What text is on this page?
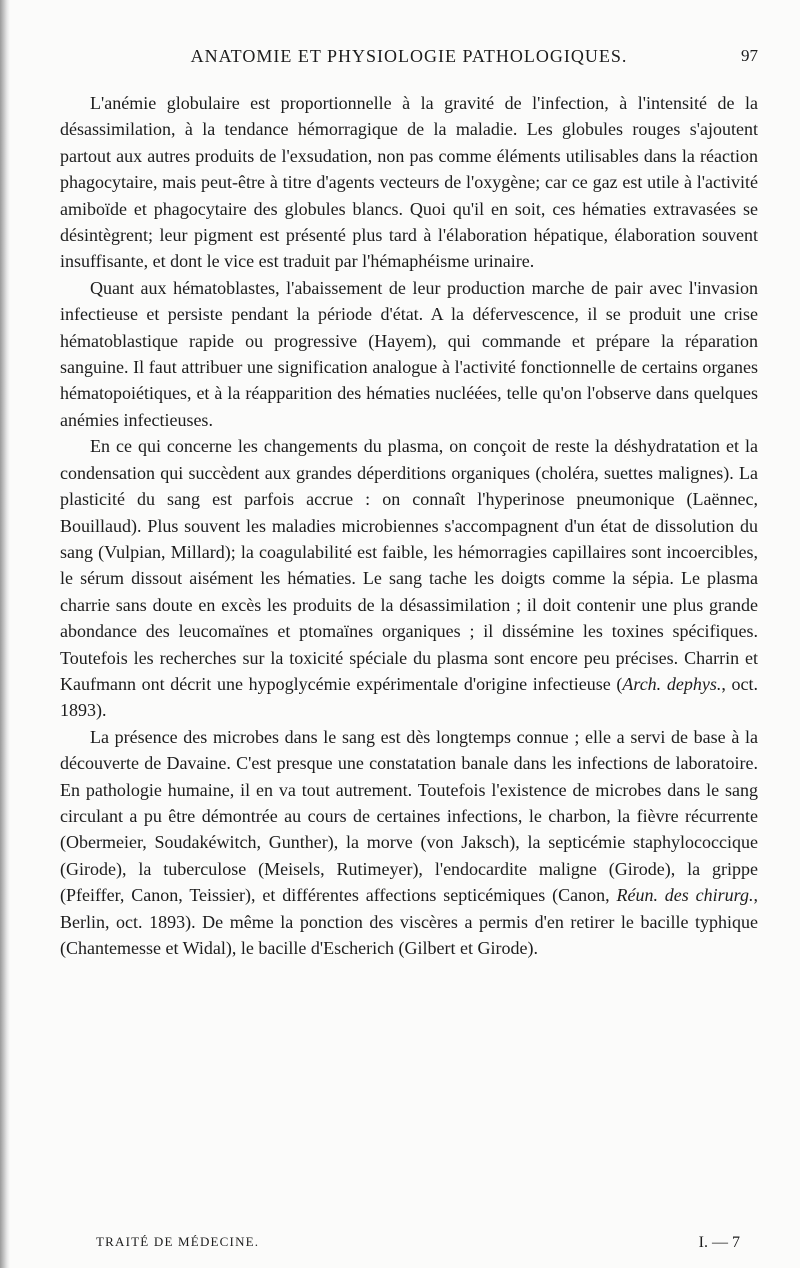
ANATOMIE ET PHYSIOLOGIE PATHOLOGIQUES.	97

L'anémie globulaire est proportionnelle à la gravité de l'infection, à l'intensité de la désassimilation, à la tendance hémorragique de la maladie. Les globules rouges s'ajoutent partout aux autres produits de l'exsudation, non pas comme éléments utilisables dans la réaction phagocytaire, mais peut-être à titre d'agents vecteurs de l'oxygène; car ce gaz est utile à l'activité amiboïde et phagocytaire des globules blancs. Quoi qu'il en soit, ces hématies extravasées se désintègrent; leur pigment est présenté plus tard à l'élaboration hépatique, élaboration souvent insuffisante, et dont le vice est traduit par l'hémaphéisme urinaire.

Quant aux hématoblastes, l'abaissement de leur production marche de pair avec l'invasion infectieuse et persiste pendant la période d'état. A la défervescence, il se produit une crise hématoblastique rapide ou progressive (Hayem), qui commande et prépare la réparation sanguine. Il faut attribuer une signification analogue à l'activité fonctionnelle de certains organes hématopoiétiques, et à la réapparition des hématies nucléées, telle qu'on l'observe dans quelques anémies infectieuses.

En ce qui concerne les changements du plasma, on conçoit de reste la déshydratation et la condensation qui succèdent aux grandes déperditions organiques (choléra, suettes malignes). La plasticité du sang est parfois accrue : on connaît l'hyperinose pneumonique (Laënnec, Bouillaud). Plus souvent les maladies microbiennes s'accompagnent d'un état de dissolution du sang (Vulpian, Millard); la coagulabilité est faible, les hémorragies capillaires sont incoercibles, le sérum dissout aisément les hématies. Le sang tache les doigts comme la sépia. Le plasma charrie sans doute en excès les produits de la désassimilation ; il doit contenir une plus grande abondance des leucomaïnes et ptomaïnes organiques ; il dissémine les toxines spécifiques. Toutefois les recherches sur la toxicité spéciale du plasma sont encore peu précises. Charrin et Kaufmann ont décrit une hypoglycémie expérimentale d'origine infectieuse (Arch. dephys., oct. 1893).

La présence des microbes dans le sang est dès longtemps connue ; elle a servi de base à la découverte de Davaine. C'est presque une constatation banale dans les infections de laboratoire. En pathologie humaine, il en va tout autrement. Toutefois l'existence de microbes dans le sang circulant a pu être démontrée au cours de certaines infections, le charbon, la fièvre récurrente (Obermeier, Soudakéwitch, Gunther), la morve (von Jaksch), la septicémie staphylococcique (Girode), la tuberculose (Meisels, Rutimeyer), l'endocardite maligne (Girode), la grippe (Pfeiffer, Canon, Teissier), et différentes affections septicémiques (Canon, Réun. des chirurg., Berlin, oct. 1893). De même la ponction des viscères a permis d'en retirer le bacille typhique (Chantemesse et Widal), le bacille d'Escherich (Gilbert et Girode).

TRAITÉ DE MÉDECINE.	I. — 7
